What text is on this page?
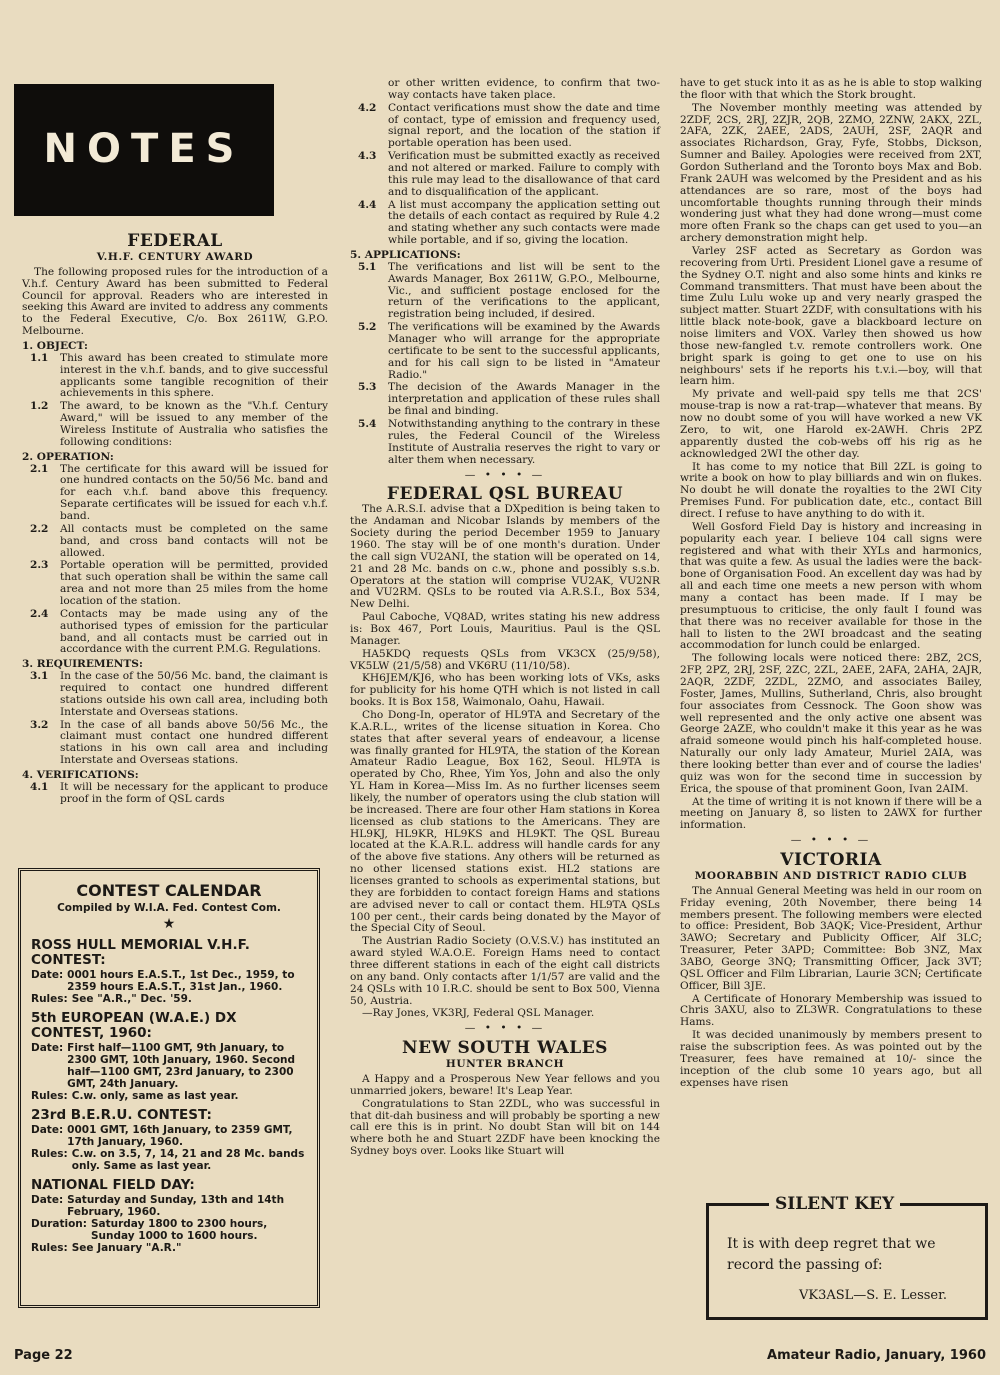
NOTES
FEDERAL
V.H.F. CENTURY AWARD

The following proposed rules for the introduction of a V.h.f. Century Award has been submitted to Federal Council for approval. Readers who are interested in seeking this Award are invited to address any comments to the Federal Executive, C/o. Box 2611W, G.P.O. Melbourne.

1. OBJECT:

1.1	This award has been created to stimulate more interest in the v.h.f. bands, and to give successful applicants some tangible recognition of their achievements in this sphere.
1.2	The award, to be known as the "V.h.f. Century Award," will be issued to any member of the Wireless Institute of Australia who satisfies the following conditions:

2. OPERATION:

2.1	The certificate for this award will be issued for one hundred contacts on the 50/56 Mc. band and for each v.h.f. band above this frequency. Separate certificates will be issued for each v.h.f. band.
2.2	All contacts must be completed on the same band, and cross band contacts will not be allowed.
2.3	Portable operation will be permitted, provided that such operation shall be within the same call area and not more than 25 miles from the home location of the station.
2.4	Contacts may be made using any of the authorised types of emission for the particular band, and all contacts must be carried out in accordance with the current P.M.G. Regulations.

3. REQUIREMENTS:

3.1	In the case of the 50/56 Mc. band, the claimant is required to contact one hundred different stations outside his own call area, including both Interstate and Overseas stations.
3.2	In the case of all bands above 50/56 Mc., the claimant must contact one hundred different stations in his own call area and including Interstate and Overseas stations.

4. VERIFICATIONS:

4.1	It will be necessary for the applicant to produce proof in the form of QSL cards
CONTEST CALENDAR
Compiled by W.I.A. Fed. Contest Com.
★
ROSS HULL MEMORIAL V.H.F. CONTEST:
Date: 0001 hours E.A.S.T., 1st Dec., 1959, to 2359 hours E.A.S.T., 31st Jan., 1960.
Rules: See "A.R.," Dec. '59.
5th EUROPEAN (W.A.E.) DX CONTEST, 1960:
Date: First half—1100 GMT, 9th January, to 2300 GMT, 10th January, 1960. Second half—1100 GMT, 23rd January, to 2300 GMT, 24th January.
Rules: C.w. only, same as last year.
23rd B.E.R.U. CONTEST:
Date: 0001 GMT, 16th January, to 2359 GMT, 17th January, 1960.
Rules: C.w. on 3.5, 7, 14, 21 and 28 Mc. bands only. Same as last year.
NATIONAL FIELD DAY:
Date: Saturday and Sunday, 13th and 14th February, 1960.
Duration: Saturday 1800 to 2300 hours, Sunday 1000 to 1600 hours.
Rules: See January "A.R."
or other written evidence, to confirm that two-way contacts have taken place.
4.2	Contact verifications must show the date and time of contact, type of emission and frequency used, signal report, and the location of the station if portable operation has been used.
4.3	Verification must be submitted exactly as received and not altered or marked. Failure to comply with this rule may lead to the disallowance of that card and to disqualification of the applicant.
4.4	A list must accompany the application setting out the details of each contact as required by Rule 4.2 and stating whether any such contacts were made while portable, and if so, giving the location.

5. APPLICATIONS:

5.1	The verifications and list will be sent to the Awards Manager, Box 2611W, G.P.O., Melbourne, Vic., and sufficient postage enclosed for the return of the verifications to the applicant, registration being included, if desired.
5.2	The verifications will be examined by the Awards Manager who will arrange for the appropriate certificate to be sent to the successful applicants, and for his call sign to be listed in "Amateur Radio."
5.3	The decision of the Awards Manager in the interpretation and application of these rules shall be final and binding.
5.4	Notwithstanding anything to the contrary in these rules, the Federal Council of the Wireless Institute of Australia reserves the right to vary or alter them when necessary.
— • • • —
FEDERAL QSL BUREAU

The A.R.S.I. advise that a DXpedition is being taken to the Andaman and Nicobar Islands by members of the Society during the period December 1959 to January 1960. The stay will be of one month's duration. Under the call sign VU2ANI, the station will be operated on 14, 21 and 28 Mc. bands on c.w., phone and possibly s.s.b. Operators at the station will comprise VU2AK, VU2NR and VU2RM. QSLs to be routed via A.R.S.I., Box 534, New Delhi.

Paul Caboche, VQ8AD, writes stating his new address is: Box 467, Port Louis, Mauritius. Paul is the QSL Manager.

HA5KDQ requests QSLs from VK3CX (25/9/58), VK5LW (21/5/58) and VK6RU (11/10/58).

KH6JEM/KJ6, who has been working lots of VKs, asks for publicity for his home QTH which is not listed in call books. It is Box 158, Waimonalo, Oahu, Hawaii.

Cho Dong-In, operator of HL9TA and Secretary of the K.A.R.L., writes of the license situation in Korea. Cho states that after several years of endeavour, a license was finally granted for HL9TA, the station of the Korean Amateur Radio League, Box 162, Seoul. HL9TA is operated by Cho, Rhee, Yim Yos, John and also the only YL Ham in Korea—Miss Im. As no further licenses seem likely, the number of operators using the club station will be increased. There are four other Ham stations in Korea licensed as club stations to the Americans. They are HL9KJ, HL9KR, HL9KS and HL9KT. The QSL Bureau located at the K.A.R.L. address will handle cards for any of the above five stations. Any others will be returned as no other licensed stations exist. HL2 stations are licenses granted to schools as experimental stations, but they are forbidden to contact foreign Hams and stations are advised never to call or contact them. HL9TA QSLs 100 per cent., their cards being donated by the Mayor of the Special City of Seoul.

The Austrian Radio Society (O.V.S.V.) has instituted an award styled W.A.O.E. Foreign Hams need to contact three different stations in each of the eight call districts on any band. Only contacts after 1/1/57 are valid and the 24 QSLs with 10 I.R.C. should be sent to Box 500, Vienna 50, Austria.

—Ray Jones, VK3RJ, Federal QSL Manager.

— • • • —
NEW SOUTH WALES
HUNTER BRANCH

A Happy and a Prosperous New Year fellows and you unmarried jokers, beware! It's Leap Year.

Congratulations to Stan 2ZDL, who was successful in that dit-dah business and will probably be sporting a new call ere this is in print. No doubt Stan will bit on 144 where both he and Stuart 2ZDF have been knocking the Sydney boys over. Looks like Stuart will

have to get stuck into it as as he is able to stop walking the floor with that which the Stork brought.

The November monthly meeting was attended by 2ZDF, 2CS, 2RJ, 2ZJR, 2QB, 2ZMO, 2ZNW, 2AKX, 2ZL, 2AFA, 2ZK, 2AEE, 2ADS, 2AUH, 2SF, 2AQR and associates Richardson, Gray, Fyfe, Stobbs, Dickson, Sumner and Bailey. Apologies were received from 2XT, Gordon Sutherland and the Toronto boys Max and Bob. Frank 2AUH was welcomed by the President and as his attendances are so rare, most of the boys had uncomfortable thoughts running through their minds wondering just what they had done wrong—must come more often Frank so the chaps can get used to you—an archery demonstration might help.

Varley 2SF acted as Secretary as Gordon was recovering from Urti. President Lionel gave a resume of the Sydney O.T. night and also some hints and kinks re Command transmitters. That must have been about the time Zulu Lulu woke up and very nearly grasped the subject matter. Stuart 2ZDF, with consultations with his little black note-book, gave a blackboard lecture on noise limiters and VOX. Varley then showed us how those new-fangled t.v. remote controllers work. One bright spark is going to get one to use on his neighbours' sets if he reports his t.v.i.—boy, will that learn him.

My private and well-paid spy tells me that 2CS' mouse-trap is now a rat-trap—whatever that means. By now no doubt some of you will have worked a new VK Zero, to wit, one Harold ex-2AWH. Chris 2PZ apparently dusted the cob-webs off his rig as he acknowledged 2WI the other day.

It has come to my notice that Bill 2ZL is going to write a book on how to play billiards and win on flukes. No doubt he will donate the royalties to the 2WI City Premises Fund. For publication date, etc., contact Bill direct. I refuse to have anything to do with it.

Well Gosford Field Day is history and increasing in popularity each year. I believe 104 call signs were registered and what with their XYLs and harmonics, that was quite a few. As usual the ladies were the back-bone of Organisation Food. An excellent day was had by all and each time one meets a new person with whom many a contact has been made. If I may be presumptuous to criticise, the only fault I found was that there was no receiver available for those in the hall to listen to the 2WI broadcast and the seating accommodation for lunch could be enlarged.

The following locals were noticed there: 2BZ, 2CS, 2FP, 2PZ, 2RJ, 2SF, 2ZC, 2ZL, 2AEE, 2AFA, 2AHA, 2AJR, 2AQR, 2ZDF, 2ZDL, 2ZMO, and associates Bailey, Foster, James, Mullins, Sutherland, Chris, also brought four associates from Cessnock. The Goon show was well represented and the only active one absent was George 2AZE, who couldn't make it this year as he was afraid someone would pinch his half-completed house. Naturally our only lady Amateur, Muriel 2AIA, was there looking better than ever and of course the ladies' quiz was won for the second time in succession by Erica, the spouse of that prominent Goon, Ivan 2AIM.

At the time of writing it is not known if there will be a meeting on January 8, so listen to 2AWX for further information.

— • • • —
VICTORIA
MOORABBIN AND DISTRICT RADIO CLUB

The Annual General Meeting was held in our room on Friday evening, 20th November, there being 14 members present. The following members were elected to office: President, Bob 3AQK; Vice-President, Arthur 3AWO; Secretary and Publicity Officer, Alf 3LC; Treasurer, Peter 3APD; Committee: Bob 3NZ, Max 3ABO, George 3NQ; Transmitting Officer, Jack 3VT; QSL Officer and Film Librarian, Laurie 3CN; Certificate Officer, Bill 3JE.

A Certificate of Honorary Membership was issued to Chris 3AXU, also to ZL3WR. Congratulations to these Hams.

It was decided unanimously by members present to raise the subscription fees. As was pointed out by the Treasurer, fees have remained at 10/- since the inception of the club some 10 years ago, but all expenses have risen

SILENT KEY
It is with deep regret that we record the passing of:
VK3ASL—S. E. Lesser.
Page 22	Amateur Radio, January, 1960
